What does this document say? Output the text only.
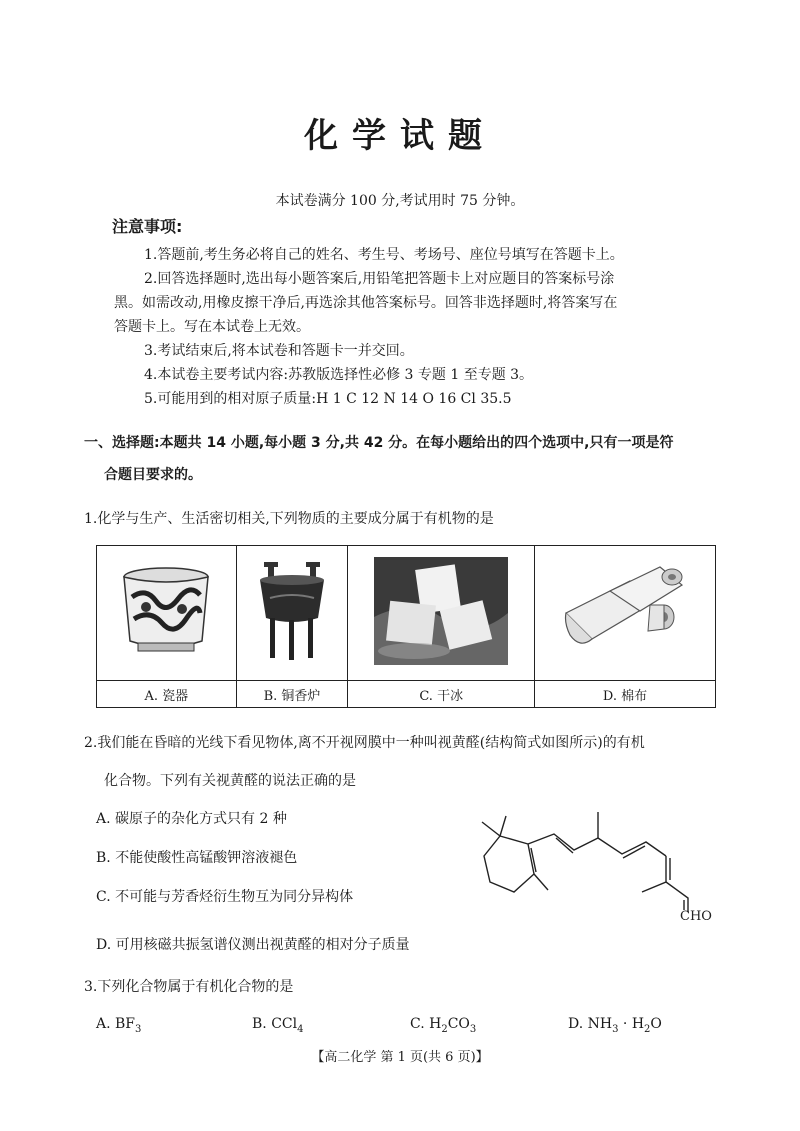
化学试题
本试卷满分 100 分,考试用时 75 分钟。
注意事项:
1.答题前,考生务必将自己的姓名、考生号、考场号、座位号填写在答题卡上。
2.回答选择题时,选出每小题答案后,用铅笔把答题卡上对应题目的答案标号涂
黑。如需改动,用橡皮擦干净后,再选涂其他答案标号。回答非选择题时,将答案写在
答题卡上。写在本试卷上无效。
3.考试结束后,将本试卷和答题卡一并交回。
4.本试卷主要考试内容:苏教版选择性必修 3 专题 1 至专题 3。
5.可能用到的相对原子质量:H 1 C 12 N 14 O 16 Cl 35.5
一、选择题:本题共 14 小题,每小题 3 分,共 42 分。在每小题给出的四个选项中,只有一项是符
合题目要求的。
1.化学与生产、生活密切相关,下列物质的主要成分属于有机物的是

A. 瓷器	B. 铜香炉	C. 干冰	D. 棉布
2.我们能在昏暗的光线下看见物体,离不开视网膜中一种叫视黄醛(结构简式如图所示)的有机
化合物。下列有关视黄醛的说法正确的是
A. 碳原子的杂化方式只有 2 种
B. 不能使酸性高锰酸钾溶液褪色
C. 不可能与芳香烃衍生物互为同分异构体
D. 可用核磁共振氢谱仪测出视黄醛的相对分子质量
CHO
3.下列化合物属于有机化合物的是
A. $BF_3$	B. CCl$_4$	C. $H_2CO_3$	D. $NH_3 \cdot H_2O$
【高二化学 第 1 页(共 6 页)】
